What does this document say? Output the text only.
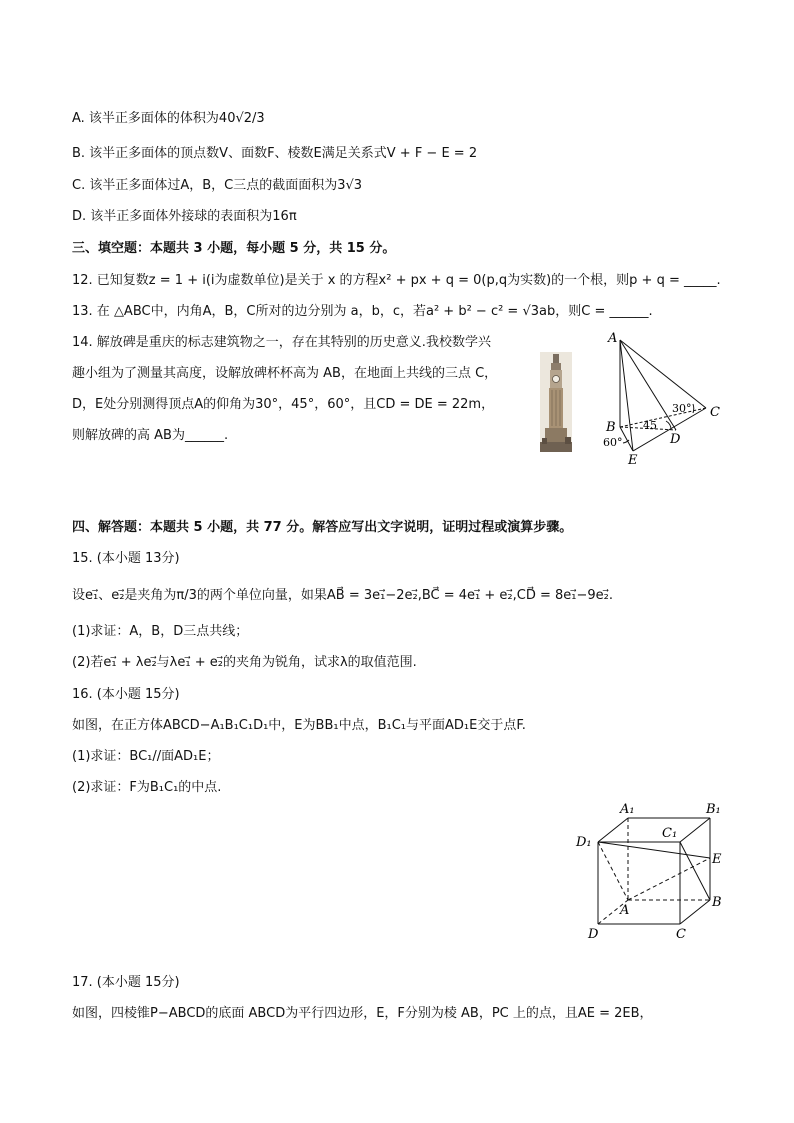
A. 该半正多面体的体积为40√2/3
B. 该半正多面体的顶点数V、面数F、棱数E满足关系式V + F − E = 2
C. 该半正多面体过A，B，C三点的截面面积为3√3
D. 该半正多面体外接球的表面积为16π
三、填空题：本题共 3 小题，每小题 5 分，共 15 分。
12. 已知复数z = 1 + i(i为虚数单位)是关于 x 的方程x² + px + q = 0(p,q为实数)的一个根，则p + q = _____.
13. 在 △ABC中，内角A，B，C所对的边分别为 a，b，c，若a² + b² − c² = √3ab，则C = ______.
14. 解放碑是重庆的标志建筑物之一，存在其特别的历史意义.我校数学兴
趣小组为了测量其高度，设解放碑杯杯高为 AB，在地面上共线的三点 C，
D，E处分别测得顶点A的仰角为30°，45°，60°，且CD = DE = 22m，
则解放碑的高 AB为______.
A
B
C
D
E
30°
45
60°
四、解答题：本题共 5 小题，共 77 分。解答应写出文字说明，证明过程或演算步骤。
15. (本小题 13分)
设e₁⃗、e₂⃗是夹角为π/3的两个单位向量，如果AB⃗ = 3e₁⃗−2e₂⃗,BC⃗ = 4e₁⃗ + e₂⃗,CD⃗ = 8e₁⃗−9e₂⃗.
(1)求证：A，B，D三点共线；
(2)若e₁⃗ + λe₂⃗与λe₁⃗ + e₂⃗的夹角为锐角，试求λ的取值范围.
16. (本小题 15分)
如图，在正方体ABCD−A₁B₁C₁D₁中，E为BB₁中点，B₁C₁与平面AD₁E交于点F.
(1)求证：BC₁//面AD₁E；
(2)求证：F为B₁C₁的中点.
A₁	B₁
C₁
D₁
E
A
B
C
D
17. (本小题 15分)
如图，四棱锥P−ABCD的底面 ABCD为平行四边形，E，F分别为棱 AB，PC 上的点，且AE = 2EB，
